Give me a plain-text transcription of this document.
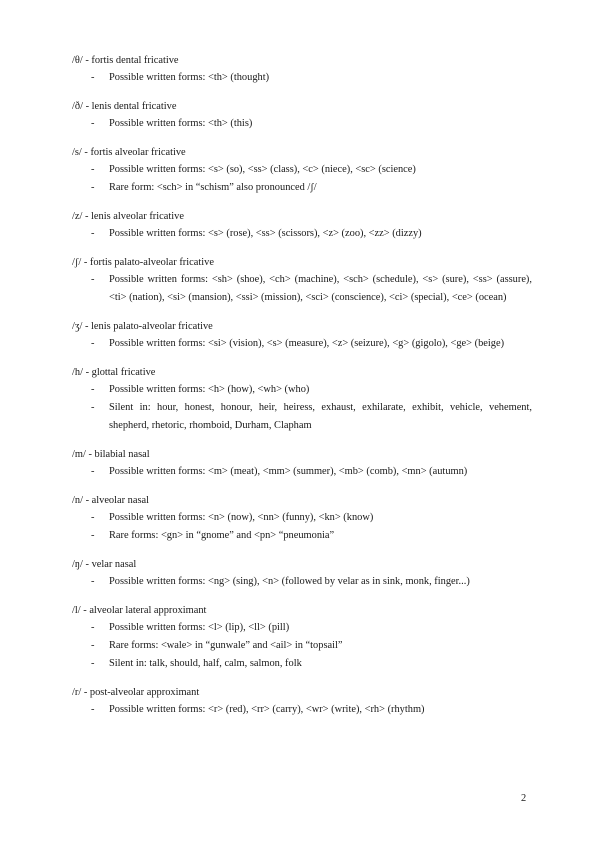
/θ/ - fortis dental fricative
- Possible written forms: <th> (thought)
/ð/ - lenis dental fricative
- Possible written forms: <th> (this)
/s/ - fortis alveolar fricative
- Possible written forms: <s> (so), <ss> (class), <c> (niece), <sc> (science)
- Rare form: <sch> in “schism” also pronounced /ʃ/
/z/ - lenis alveolar fricative
- Possible written forms: <s> (rose), <ss> (scissors), <z> (zoo), <zz> (dizzy)
/ʃ/ - fortis palato-alveolar fricative
- Possible written forms: <sh> (shoe), <ch> (machine), <sch> (schedule), <s> (sure), <ss> (assure), <ti> (nation), <si> (mansion), <ssi> (mission), <sci> (conscience), <ci> (special), <ce> (ocean)
/ʒ/ - lenis palato-alveolar fricative
- Possible written forms: <si> (vision), <s> (measure), <z> (seizure), <g> (gigolo), <ge> (beige)
/h/ - glottal fricative
- Possible written forms: <h> (how), <wh> (who)
- Silent in: hour, honest, honour, heir, heiress, exhaust, exhilarate, exhibit, vehicle, vehement, shepherd, rhetoric, rhomboid, Durham, Clapham
/m/ - bilabial nasal
- Possible written forms: <m> (meat), <mm> (summer), <mb> (comb), <mn> (autumn)
/n/ - alveolar nasal
- Possible written forms: <n> (now), <nn> (funny), <kn> (know)
- Rare forms: <gn> in “gnome” and <pn> “pneumonia”
/ŋ/ - velar nasal
- Possible written forms: <ng> (sing), <n> (followed by velar as in sink, monk, finger...)
/l/ - alveolar lateral approximant
- Possible written forms: <l> (lip), <ll> (pill)
- Rare forms: <wale> in “gunwale” and <ail> in “topsail”
- Silent in: talk, should, half, calm, salmon, folk
/r/ - post-alveolar approximant
- Possible written forms: <r> (red), <rr> (carry), <wr> (write), <rh> (rhythm)
2
